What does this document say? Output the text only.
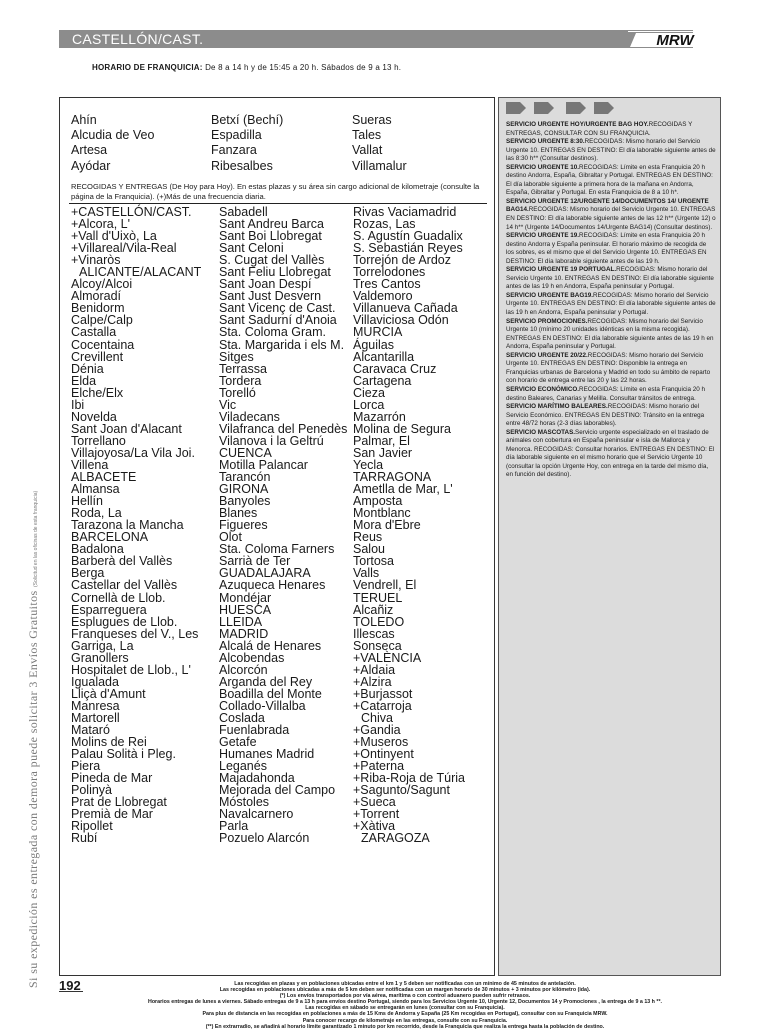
CASTELLÓN/CAST.	MRW
HORARIO DE FRANQUICIA: De 8 a 14 h y de 15:45 a 20 h. Sábados de 9 a 13 h.
Si su expedición es entregada con demora puede solicitar 3 Envíos Gratuitos (Solicitud en las oficinas de esta franquicia)
Ahín
Alcudia de Veo
Artesa
Ayódar
Betxí (Bechí)
Espadilla
Fanzara
Ribesalbes
Sueras
Tales
Vallat
Villamalur
RECOGIDAS Y ENTREGAS (De Hoy para Hoy). En estas plazas y su área sin cargo adicional de kilometraje (consulte la página de la Franquicia). (+)Más de una frecuencia diaria.
+CASTELLÓN/CAST.
+Alcora, L'
+Vall d'Uixò, La
+Villareal/Vila-Real
+Vinaròs
ALICANTE/ALACANT
Alcoy/Alcoi
Almoradí
Benidorm
Calpe/Calp
Castalla
Cocentaina
Crevillent
Dénia
Elda
Elche/Elx
Ibi
Novelda
Sant Joan d'Alacant
Torrellano
Villajoyosa/La Vila Joi.
Villena
ALBACETE
Almansa
Hellín
Roda, La
Tarazona la Mancha
BARCELONA
Badalona
Barberà del Vallès
Berga
Castellar del Vallès
Cornellà de Llob.
Esparreguera
Esplugues de Llob.
Franqueses del V., Les
Garriga, La
Granollers
Hospitalet de Llob., L'
Igualada
Lliçà d'Amunt
Manresa
Martorell
Mataró
Molins de Rei
Palau Solità i Pleg.
Piera
Pineda de Mar
Polinyà
Prat de Llobregat
Premià de Mar
Ripollet
Rubí
Sabadell
Sant Andreu Barca
Sant Boi Llobregat
Sant Celoni
S. Cugat del Vallès
Sant Feliu Llobregat
Sant Joan Despí
Sant Just Desvern
Sant Vicenç de Cast.
Sant Sadurní d'Anoia
Sta. Coloma Gram.
Sta. Margarida i els M.
Sitges
Terrassa
Tordera
Torelló
Vic
Viladecans
Vilafranca del Penedès
Vilanova i la Geltrú
CUENCA
Motilla Palancar
Tarancón
GIRONA
Banyoles
Blanes
Figueres
Olot
Sta. Coloma Farners
Sarrià de Ter
GUADALAJARA
Azuqueca Henares
Mondéjar
HUESCA
LLEIDA
MADRID
Alcalá de Henares
Alcobendas
Alcorcón
Arganda del Rey
Boadilla del Monte
Collado-Villalba
Coslada
Fuenlabrada
Getafe
Humanes Madrid
Leganés
Majadahonda
Mejorada del Campo
Móstoles
Navalcarnero
Parla
Pozuelo Alarcón
Rivas Vaciamadrid
Rozas, Las
S. Agustín Guadalix
S. Sebastián Reyes
Torrejón de Ardoz
Torrelodones
Tres Cantos
Valdemoro
Villanueva Cañada
Villaviciosa Odón
MURCIA
Águilas
Alcantarilla
Caravaca Cruz
Cartagena
Cieza
Lorca
Mazarrón
Molina de Segura
Palmar, El
San Javier
Yecla
TARRAGONA
Ametlla de Mar, L'
Amposta
Montblanc
Mora d'Ebre
Reus
Salou
Tortosa
Valls
Vendrell, El
TERUEL
Alcañiz
TOLEDO
Illescas
Sonseca
+VALÈNCIA
+Aldaia
+Alzira
+Burjassot
+Catarroja
Chiva
+Gandia
+Museros
+Ontinyent
+Paterna
+Riba-Roja de Túria
+Sagunto/Sagunt
+Sueca
+Torrent
+Xàtiva
ZARAGOZA

SERVICIO URGENTE HOY/URGENTE BAG HOY.RECOGIDAS Y ENTREGAS, CONSULTAR CON SU FRANQUICIA.

SERVICIO URGENTE 8:30.RECOGIDAS: Mismo horario del Servicio Urgente 10. ENTREGAS EN DESTINO: El día laborable siguiente antes de las 8:30 h** (Consultar destinos).

SERVICIO URGENTE 10.RECOGIDAS: Límite en esta Franquicia 20 h destino Andorra, España, Gibraltar y Portugal. ENTREGAS EN DESTINO: El día laborable siguiente a primera hora de la mañana en Andorra, España, Gibraltar y Portugal. En esta Franquicia de 8 a 10 h*.

SERVICIO URGENTE 12/URGENTE 14/DOCUMENTOS 14/ URGENTE BAG14.RECOGIDAS: Mismo horario del Servicio Urgente 10. ENTREGAS EN DESTINO: El día laborable siguiente antes de las 12 h** (Urgente 12) o 14 h** (Urgente 14/Documentos 14/Urgente BAG14) (Consultar destinos).

SERVICIO URGENTE 19.RECOGIDAS: Límite en esta Franquicia 20 h destino Andorra y España peninsular. El horario máximo de recogida de los sobres, es el mismo que el del Servicio Urgente 10. ENTREGAS EN DESTINO: El día laborable siguiente antes de las 19 h.

SERVICIO URGENTE 19 PORTUGAL.RECOGIDAS: Mismo horario del Servicio Urgente 10. ENTREGAS EN DESTINO: El día laborable siguiente antes de las 19 h en Andorra, España peninsular y Portugal.

SERVICIO URGENTE BAG19.RECOGIDAS: Mismo horario del Servicio Urgente 10. ENTREGAS EN DESTINO: El día laborable siguiente antes de las 19 h en Andorra, España peninsular y Portugal.

SERVICIO PROMOCIONES.RECOGIDAS: Mismo horario del Servicio Urgente 10 (mínimo 20 unidades idénticas en la misma recogida). ENTREGAS EN DESTINO: El día laborable siguiente antes de las 19 h en Andorra, España peninsular y Portugal.

SERVICIO URGENTE 20/22.RECOGIDAS: Mismo horario del Servicio Urgente 10. ENTREGAS EN DESTINO: Disponible la entrega en Franquicias urbanas de Barcelona y Madrid en todo su ámbito de reparto con horario de entrega entre las 20 y las 22 horas.

SERVICIO ECONÓMICO.RECOGIDAS: Límite en esta Franquicia 20 h destino Baleares, Canarias y Melilla. Consultar tránsitos de entrega.

SERVICIO MARÍTIMO BALEARES.RECOGIDAS: Mismo horario del Servicio Económico. ENTREGAS EN DESTINO: Tránsito en la entrega entre 48/72 horas (2-3 días laborables).

SERVICIO MASCOTAS.Servicio urgente especializado en el traslado de animales con cobertura en España peninsular e isla de Mallorca y Menorca. RECOGIDAS: Consultar horarios. ENTREGAS EN DESTINO: El día laborable siguiente en el mismo horario que el Servicio Urgente 10 (consultar la opción Urgente Hoy, con entrega en la tarde del mismo día, en función del destino).

192	Las recogidas en plazas y en poblaciones ubicadas entre el km 1 y 5 deben ser notificadas con un mínimo de 45 minutos de antelación.
Las recogidas en poblaciones ubicadas a más de 5 km deben ser notificadas con un margen horario de 30 minutos + 3 minutos por kilómetro (ida).
(*) Los envíos transportados por vía aérea, marítima o con control aduanero pueden sufrir retrasos.
Horarios entregas de lunes a viernes. Sábado entregas de 9 a 13 h para envíos destino Portugal, siendo para los Servicios Urgente 10, Urgente 12, Documentos 14 y Promociones , la entrega de 9 a 13 h **.
Las recogidas en sábado se entregarán en lunes (consultar con su Franquicia).
Para plus de distancia en las recogidas en poblaciones a más de 15 Kms de Andorra y España (25 Km recogidas en Portugal), consultar con su Franquicia MRW.
Para conocer recargo de kilometraje en las entregas, consulte con su Franquicia.
(**) En extrarradio, se añadirá al horario límite garantizado 1 minuto por km recorrido, desde la Franquicia que realiza la entrega hasta la población de destino.
